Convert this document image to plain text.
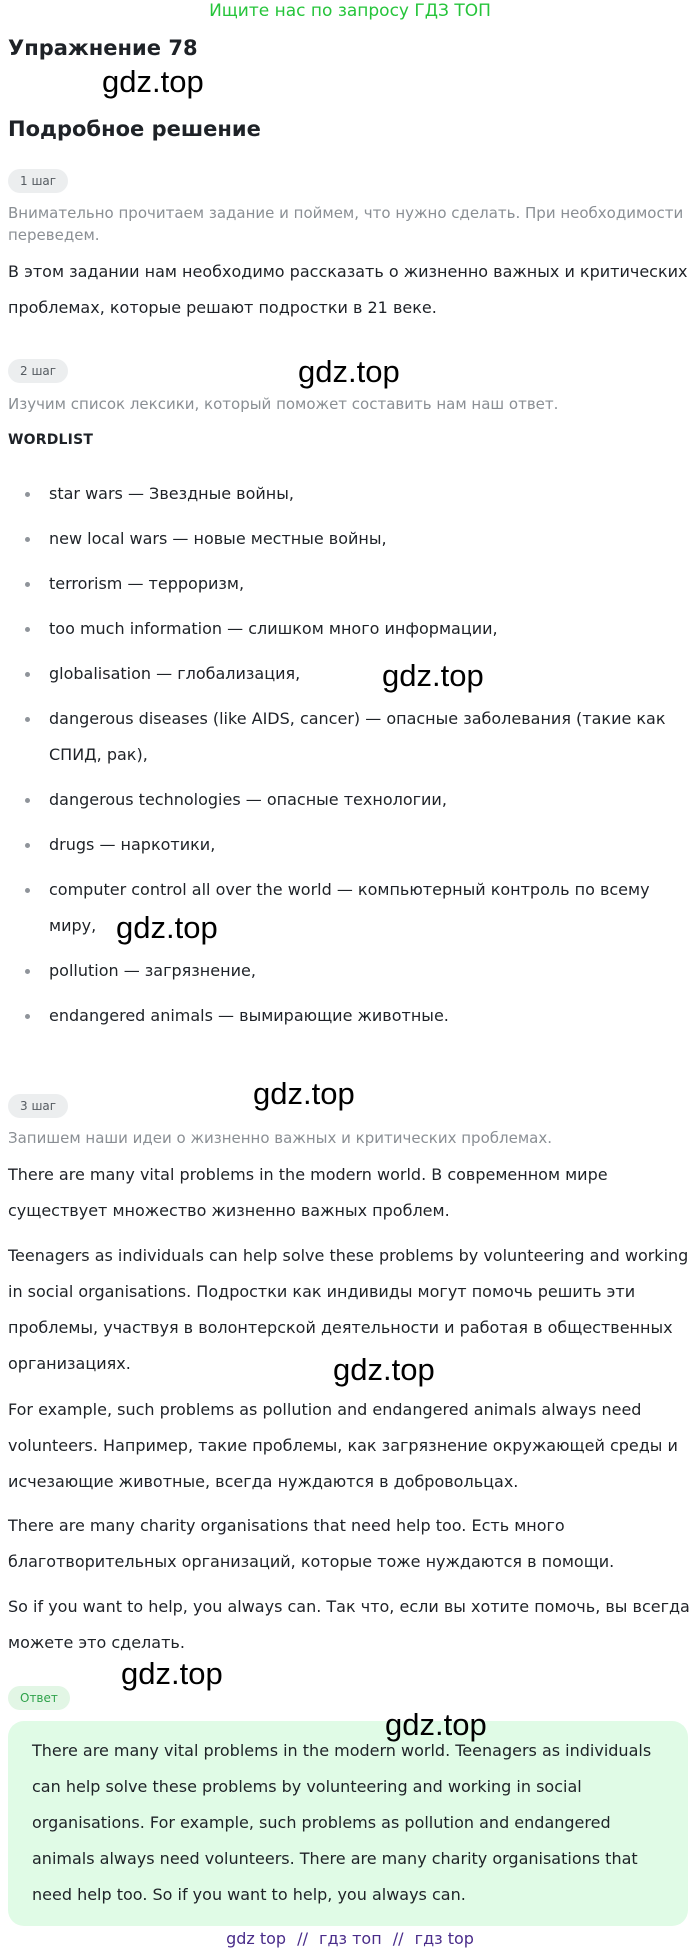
Ищите нас по запросу ГДЗ ТОП
Упражнение 78
gdz.top
Подробное решение
1 шаг
Внимательно прочитаем задание и поймем, что нужно сделать. При необходимости переведем.
В этом задании нам необходимо рассказать о жизненно важных и критических проблемах, которые решают подростки в 21 веке.
2 шаг	gdz.top
Изучим список лексики, который поможет составить нам наш ответ.
WORDLIST
star wars — Звездные войны,
new local wars — новые местные войны,
terrorism — терроризм,
too much information — слишком много информации,
globalisation — глобализация,
dangerous diseases (like AIDS, cancer) — опасные заболевания (такие как СПИД, рак),
dangerous technologies — опасные технологии,
drugs — наркотики,
computer control all over the world — компьютерный контроль по всему миру,
pollution — загрязнение,
endangered animals — вымирающие животные.
gdz.top
gdz.top
3 шаг	gdz.top
Запишем наши идеи о жизненно важных и критических проблемах.
There are many vital problems in the modern world. В современном мире существует множество жизненно важных проблем.
Teenagers as individuals can help solve these problems by volunteering and working in social organisations. Подростки как индивиды могут помочь решить эти проблемы, участвуя в волонтерской деятельности и работая в общественных организациях.	gdz.top
For example, such problems as pollution and endangered animals always need volunteers. Например, такие проблемы, как загрязнение окружающей среды и исчезающие животные, всегда нуждаются в добровольцах.
There are many charity organisations that need help too. Есть много благотворительных организаций, которые тоже нуждаются в помощи.
So if you want to help, you always can. Так что, если вы хотите помочь, вы всегда можете это сделать.
gdz.top
Ответ
There are many vital problems in the modern world. Teenagers as individuals can help solve these problems by volunteering and working in social organisations. For example, such problems as pollution and endangered animals always need volunteers. There are many charity organisations that need help too. So if you want to help, you always can.
gdz.top
gdz top // гдз топ // гдз top
